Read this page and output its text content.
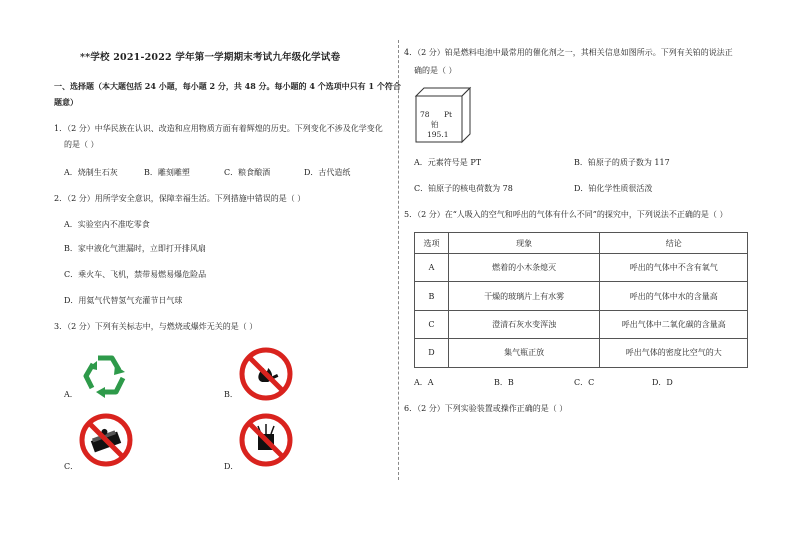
**学校 2021-2022 学年第一学期期末考试九年级化学试卷
一、选择题（本大题包括 24 小题，每小题 2 分，共 48 分。每小题的 4 个选项中只有 1 个符合
题意）
1．（2 分）中华民族在认识、改造和应用物质方面有着辉煌的历史。下列变化不涉及化学变化
的是（ ）
A．烧制生石灰	B．雕刻雕塑	C．粮食酿酒	D．古代造纸
2．（2 分）用所学安全意识，保障幸福生活。下列措施中错误的是（ ）
A．实验室内不准吃零食
B．家中液化气泄漏时，立即打开排风扇
C．乘火车、飞机，禁带易燃易爆危险品
D．用氦气代替氢气充灌节日气球
3．（2 分）下列有关标志中，与燃烧或爆炸无关的是（ ）
A．	B．
C．	D．
4．（2 分）铂是燃料电池中最常用的催化剂之一，其相关信息如图所示。下列有关铂的说法正
确的是（ ）
78 Pt
铂
195.1
A．元素符号是 PT	B．铂原子的质子数为 117
C．铂原子的核电荷数为 78	D．铂化学性质很活泼
5．（2 分）在“人吸入的空气和呼出的气体有什么不同”的探究中，下列说法不正确的是（ ）
选项	现象	结论
A	燃着的小木条熄灭	呼出的气体中不含有氧气
B	干燥的玻璃片上有水雾	呼出的气体中水的含量高
C	澄清石灰水变浑浊	呼出气体中二氧化碳的含量高
D	集气瓶正放	呼出气体的密度比空气的大
A．A	B．B	C．C	D．D
6．（2 分）下列实验装置或操作正确的是（ ）
